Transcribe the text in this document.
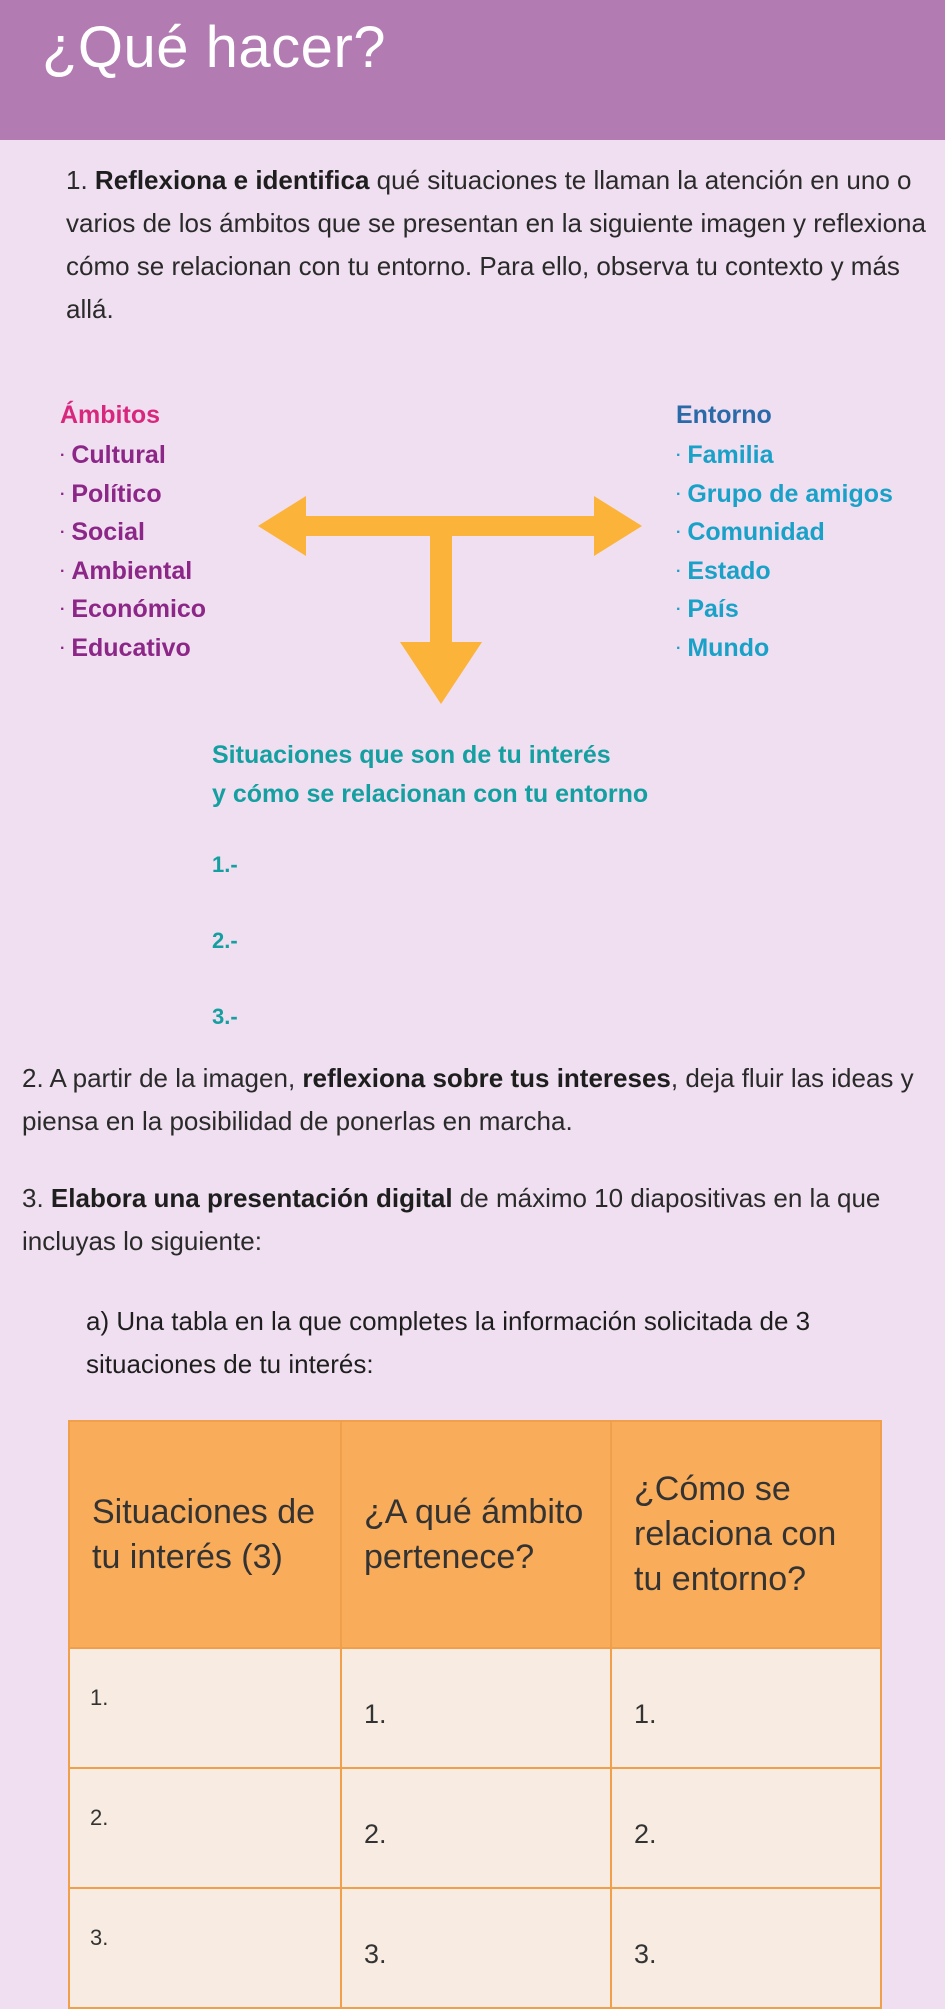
¿Qué hacer?
1. Reflexiona e identifica qué situaciones te llaman la atención en uno o varios de los ámbitos que se presentan en la siguiente imagen y reflexiona cómo se relacionan con tu entorno. Para ello, observa tu contexto y más allá.
Ámbitos
· Cultural
· Político
· Social
· Ambiental
· Económico
· Educativo
Entorno
· Familia
· Grupo de amigos
· Comunidad
· Estado
· País
· Mundo
Situaciones que son de tu interés
y cómo se relacionan con tu entorno
1.-
2.-
3.-
2. A partir de la imagen, reflexiona sobre tus intereses, deja fluir las ideas y piensa en la posibilidad de ponerlas en marcha.
3. Elabora una presentación digital de máximo 10 diapositivas en la que incluyas lo siguiente:
a) Una tabla en la que completes la información solicitada de 3 situaciones de tu interés:
Situaciones de tu interés (3)	¿A qué ámbito pertenece?	¿Cómo se relaciona con tu entorno?

1.	1.	1.

2.	2.	2.

3.	3.	3.
